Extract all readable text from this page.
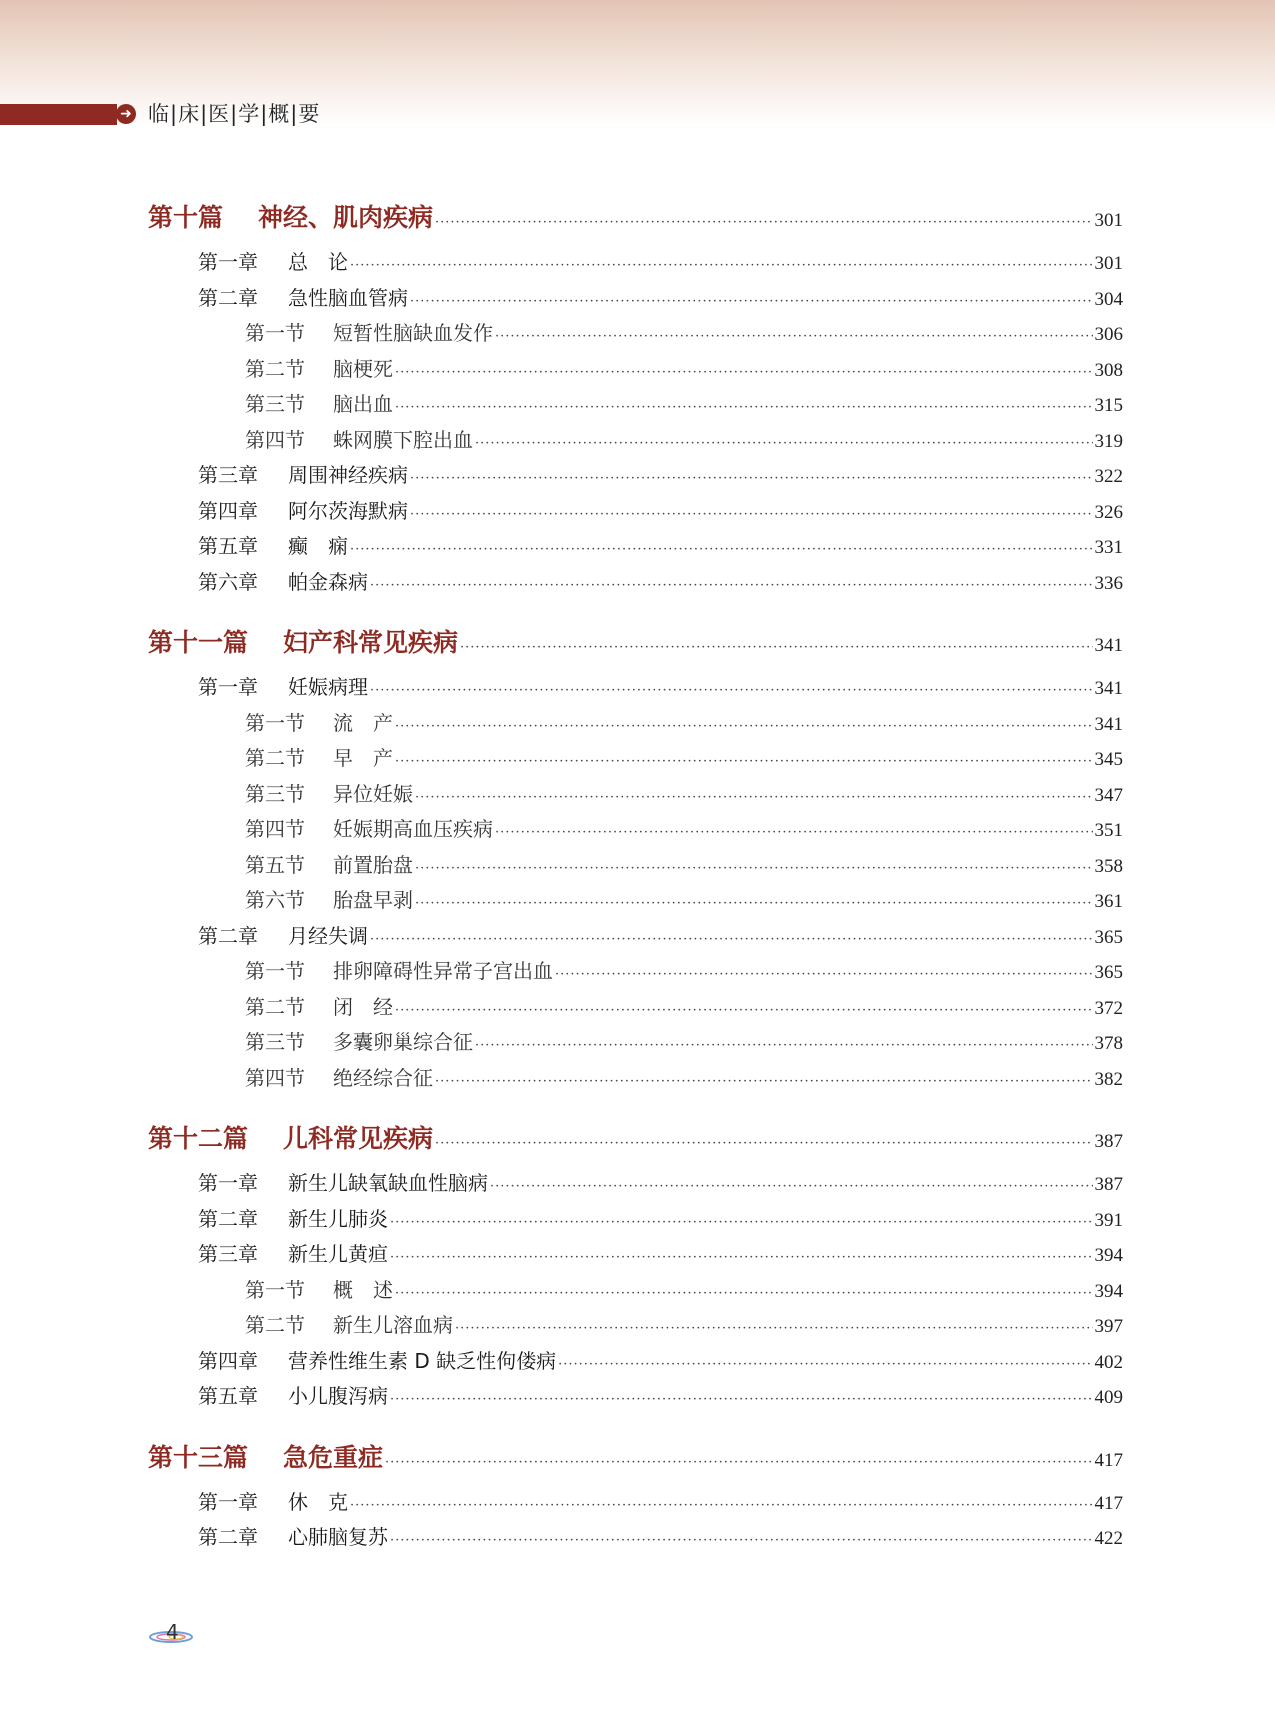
➜ 临|床|医|学|概|要
第十篇	神经、肌肉疾病 ·····	301
第一章	总　论 ·····	301
第二章	急性脑血管病 ·····	304
第一节	短暂性脑缺血发作 ·····	306
第二节	脑梗死 ·····	308
第三节	脑出血 ·····	315
第四节	蛛网膜下腔出血 ·····	319
第三章	周围神经疾病 ·····	322
第四章	阿尔茨海默病 ·····	326
第五章	癫　痫 ·····	331
第六章	帕金森病 ·····	336
第十一篇	妇产科常见疾病 ·····	341
第一章	妊娠病理 ·····	341
第一节	流　产 ·····	341
第二节	早　产 ·····	345
第三节	异位妊娠 ·····	347
第四节	妊娠期高血压疾病 ·····	351
第五节	前置胎盘 ·····	358
第六节	胎盘早剥 ·····	361
第二章	月经失调 ·····	365
第一节	排卵障碍性异常子宫出血 ·····	365
第二节	闭　经 ·····	372
第三节	多囊卵巢综合征 ·····	378
第四节	绝经综合征 ·····	382
第十二篇	儿科常见疾病 ·····	387
第一章	新生儿缺氧缺血性脑病 ·····	387
第二章	新生儿肺炎 ·····	391
第三章	新生儿黄疸 ·····	394
第一节	概　述 ·····	394
第二节	新生儿溶血病 ·····	397
第四章	营养性维生素 D 缺乏性佝偻病 ·····	402
第五章	小儿腹泻病 ·····	409
第十三篇	急危重症 ·····	417
第一章	休　克 ·····	417
第二章	心肺脑复苏 ·····	422
4
